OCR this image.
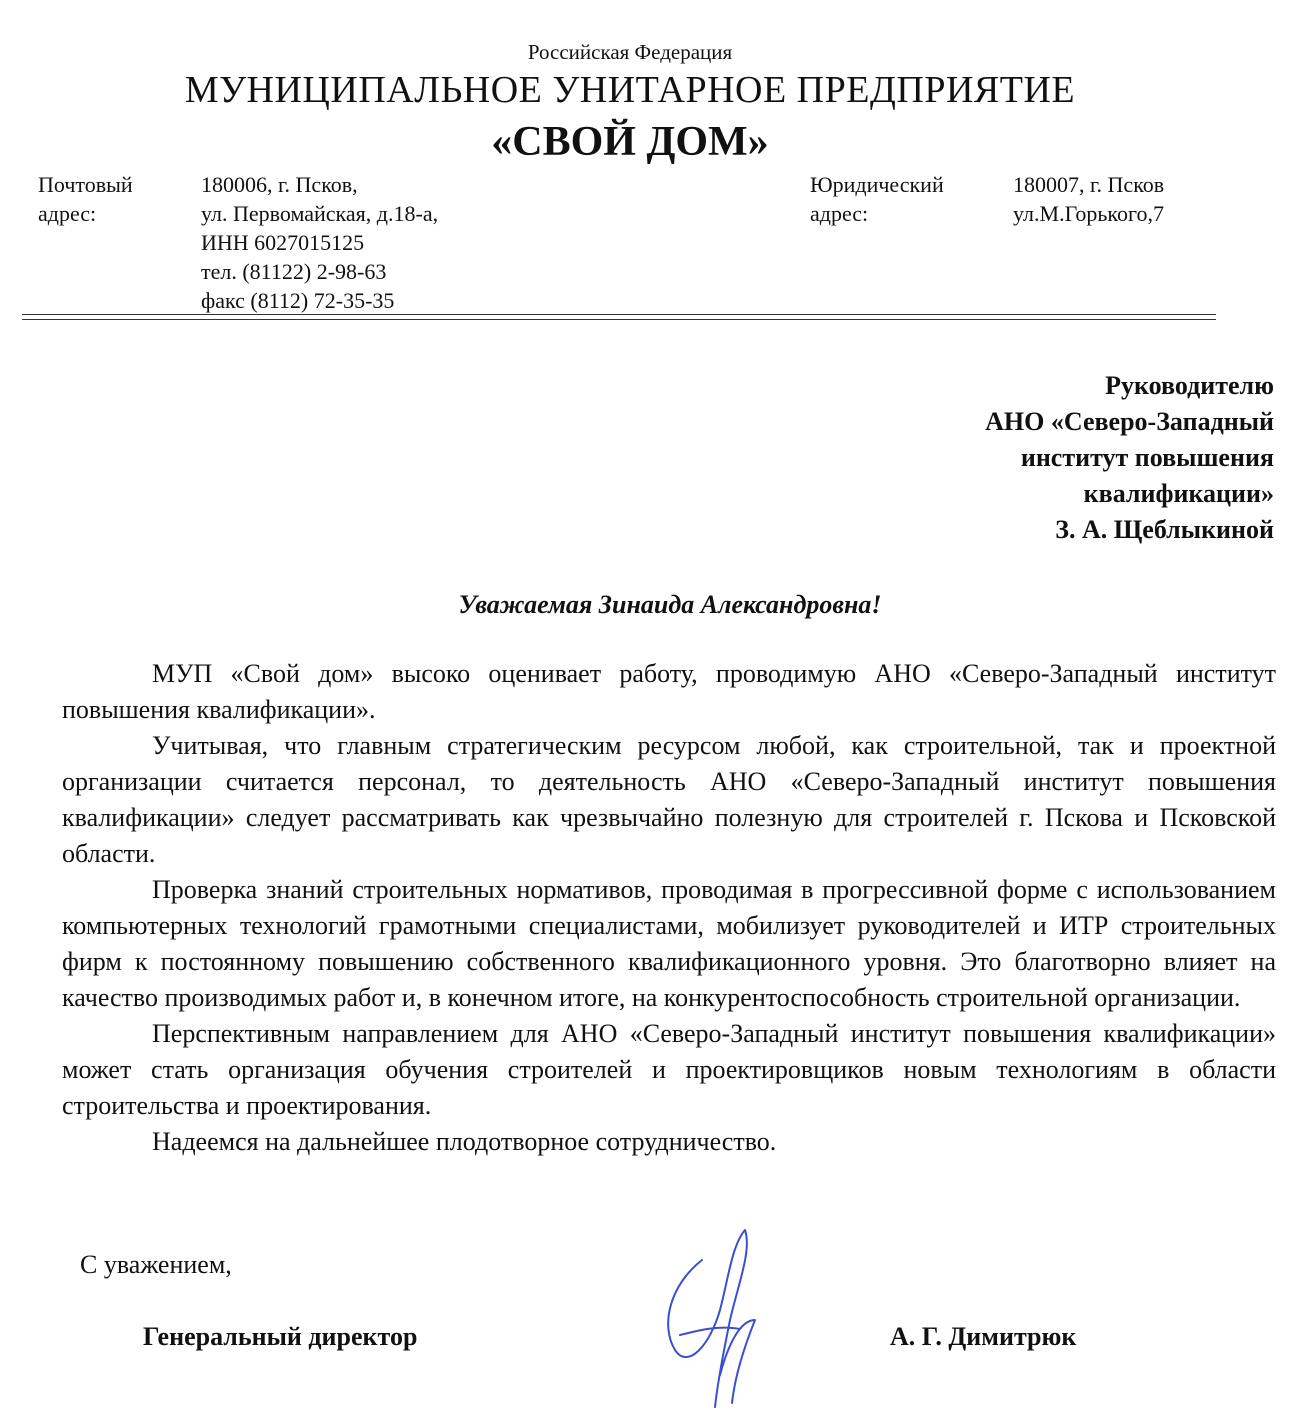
Российская Федерация
МУНИЦИПАЛЬНОЕ УНИТАРНОЕ ПРЕДПРИЯТИЕ
«СВОЙ ДОМ»
Почтовый
адрес:
180006, г. Псков,
ул. Первомайская, д.18-а,
ИНН 6027015125
тел. (81122) 2-98-63
факс (8112) 72-35-35
Юридический
адрес:
180007, г. Псков
ул.М.Горького,7
Руководителю
АНО «Северо-Западный
институт повышения
квалификации»
З. А. Щеблыкиной
Уважаемая Зинаида Александровна!

МУП «Свой дом» высоко оценивает работу, проводимую АНО «Северо-Западный институт повышения квалификации».

Учитывая, что главным стратегическим ресурсом любой, как строительной, так и проектной организации считается персонал, то деятельность АНО «Северо-Западный институт повышения квалификации» следует рассматривать как чрезвычайно полезную для строителей г. Пскова и Псковской области.

Проверка знаний строительных нормативов, проводимая в прогрессивной форме с использованием компьютерных технологий грамотными специалистами, мобилизует руководителей и ИТР строительных фирм к постоянному повышению собственного квалификационного уровня. Это благотворно влияет на качество производимых работ и, в конечном итоге, на конкурентоспособность строительной организации.

Перспективным направлением для АНО «Северо-Западный институт повышения квалификации» может стать организация обучения строителей и проектировщиков новым технологиям в области строительства и проектирования.

Надеемся на дальнейшее плодотворное сотрудничество.

С уважением,
Генеральный директор	А. Г. Димитрюк
